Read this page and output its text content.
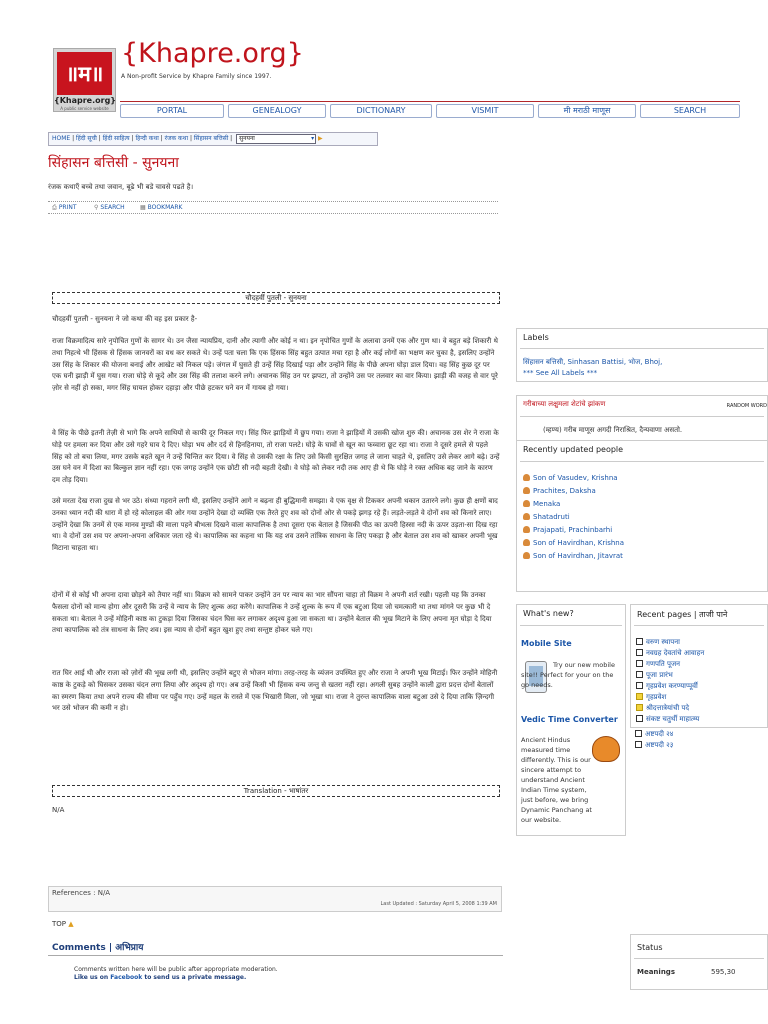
॥म॥
{Khapre.org}
A public service website
{Khapre.org}
A Non-profit Service by Khapre Family since 1997.
PORTAL	GENEALOGY	DICTIONARY	VISMIT	मी मराठी माणूस	SEARCH
HOME | हिंदी सूची | हिंदी साहित्य | हिन्दी कथा | रंजक कथा | सिंहासन बत्तिसी | सुनयना ▾	▶
सिंहासन बत्तिसी - सुनयना
रंजक कथाएँ बच्चे तथा जवान, बूढे भी बडे चावसे पढते है।
⎙ PRINT	⚲ SEARCH	▦ BOOKMARK
चौदहवीं पुतली - सुनयना
चौदहवीं पुतली - सुनयना ने जो कथा की वह इस प्रकार है-
राजा विक्रमादित्य सारे नृपोचित गुणों के सागर थे। उन जैसा न्यायप्रिय, दानी और त्यागी और कोई न था। इन नृपोचित गुणों के अलावा उनमें एक और गुण था। वे बहुत बड़े शिकारी थे तथा निहत्थे भी हिंसक से हिंसक जानवरों का वध कर सकते थे। उन्हें पता चला कि एक हिंसक सिंह बहुत उत्पात मचा रहा है और कई लोगों का भक्षण कर चुका है, इसलिए उन्होंने उस सिंह के शिकार की योजना बनाई और आखेट को निकल पड़े। जंगल में घुसते ही उन्हें सिंह दिखाई पड़ा और उन्होंने सिंह के पीछे अपना घोड़ा डाल दिया। वह सिंह कुछ दूर पर एक घनी झाड़ी में घुस गया। राजा घोड़े से कूदे और उस सिंह की तलाश करने लगे। अचानक सिंह उन पर झपटा, तो उन्होंने उस पर तलवार का वार किया। झाड़ी की वजह से वार पूरे ज़ोर से नहीं हो सका, मगर सिंह घायल होकर दहाड़ा और पीछे हटकर घने वन में गायब हो गया।
वे सिंह के पीछे इतनी तेज़ी से भागे कि अपने साथियों से काफी दूर निकल गए। सिंह फिर झाड़ियों में छुप गया। राजा ने झाड़ियों में उसकी खोज शुरु की। अचानक उस शेर ने राजा के घोड़े पर हमला कर दिया और उसे गहरे घाव दे दिए। घोड़ा भय और दर्द से हिनहिनाया, तो राजा पलटे। घोड़े के घावों से खून का फव्वारा छूट रहा था। राजा ने दूसरे हमले से पहले सिंह को तो बचा लिया, मगर उसके बहते खून ने उन्हें चिन्तित कर दिया। वे सिंह से उसकी रक्षा के लिए उसे किसी सुरक्षित जगह ले जाना चाहते थे, इसलिए उसे लेकर आगे बढ़े। उन्हें उस घने वन में दिशा का बिल्कुल ज्ञान नहीं रहा। एक जगह उन्होंने एक छोटी सी नदी बहती देखी। वे घोड़े को लेकर नदी तक आए ही थे कि घोड़े ने रक्त अधिक बह जाने के कारण दम तोड़ दिया।
उसे मरता देख राजा दुख से भर उठे। संध्या गहराने लगी थी, इसलिए उन्होंने आगे न बढ़ना ही बुद्धिमानी समझा। वे एक वृक्ष से टिककर अपनी थकान उतारने लगे। कुछ ही क्षणों बाद उनका ध्यान नदी की धारा में हो रहे कोलाहल की ओर गया उन्होंने देखा दो व्यक्ति एक तैरते हुए शव को दोनों ओर से पकड़े झगड़ रहे हैं। लड़ते-लड़ते वे दोनों शव को किनारे लाए। उन्होंने देखा कि उनमें से एक मानव मुण्डों की माला पहने बीभत्स दिखने वाला कापालिक है तथा दूसरा एक बेताल है जिसकी पीठ का ऊपरी हिस्सा नदी के ऊपर उड़ता-सा दिख रहा था। वे दोनों उस शव पर अपना-अपना अधिकार जता रहे थे। कापालिक का कहना था कि यह शव उसने तांत्रिक साधना के लिए पकड़ा है और बेताल उस शव को खाकर अपनी भूख मिटाना चाहता था।
दोनों में से कोई भी अपना दावा छोड़ने को तैयार नहीं था। विक्रम को सामने पाकर उन्होंने उन पर न्याय का भार सौंपना चाहा तो विक्रम ने अपनी शर्त रखी। पहली यह कि उनका फैसला दोनों को मान्य होगा और दूसरी कि उन्हें वे न्याय के लिए शुल्क अदा करेंगे। कापालिक ने उन्हें शुल्क के रूप में एक बटुआ दिया जो चमत्कारी था तथा मांगने पर कुछ भी दे सकता था। बेताल ने उन्हें मोहिनी काष्ठ का टुकड़ा दिया जिसका चंदन घिस कर लगाकर अदृश्य हुआ जा सकता था। उन्होंने बेताल की भूख मिटाने के लिए अपना मृत घोड़ा दे दिया तथा कापालिक को तंत्र साधना के लिए शव। इस न्याय से दोनों बहुत खुश हुए तथा सन्तुष्ट होकर चले गए।
रात घिर आई थी और राजा को ज़ोरों की भूख लगी थी, इसलिए उन्होंने बटुए से भोजन मांगा। तरह-तरह के व्यंजन उपस्थित हुए और राजा ने अपनी भूख मिटाई। फिर उन्होंने मोहिनी काष्ठ के टुकड़े को घिसकर उसका चंदन लगा लिया और अदृश्य हो गए। अब उन्हें किसी भी हिंसक वन्य जन्तु से खतरा नहीं रहा। अगली सुबह उन्होंने काली द्वारा प्रदत्त दोनों बेतालों का स्मरण किया तथा अपने राज्य की सीमा पर पहुँच गए। उन्हें महल के रास्ते में एक भिखारी मिला, जो भूखा था। राजा ने तुरन्त कापालिक वाला बटुआ उसे दे दिया ताकि ज़िन्दगी भर उसे भोजन की कमी न हो।
Translation - भाषांतर
N/A
References : N/A
Last Updated : Saturday April 5, 2008 1:39 AM
TOP ▲
Comments | अभिप्राय
Comments written here will be public after appropriate moderation.
Like us on Facebook to send us a private message.
Labels
सिंहासन बत्तिसी, Sinhasan Battisi, भोज, Bhoj,
*** See All Labels ***
गरीबाच्या लक्षुमला शेटांचे झांकण	RANDOM WORD
(म्हण्य) गरीब माणूस अगदी निराश्रित, दैन्यवाणा असतो.
Recently updated people
Son of Vasudev, Krishna
Prachites, Daksha
Menaka
Shatadruti
Prajapati, Prachinbarhi
Son of Havirdhan, Krishna
Son of Havirdhan, Jitavrat
What's new?
Mobile Site
Try our new mobile site!! Perfect for your on the go needs.
Vedic Time Converter
Ancient Hindus measured time differently. This is our sincere attempt to understand Ancient Indian Time system, just before, we bring Dynamic Panchang at our website.
Recent pages | ताजी पाने
वरुण स्थापना
नवग्रह देवतांचे आवाहन
गणपति पूजन
पूजा प्रारंभ
गृहप्रवेश करण्याप्पूर्वी
गृहप्रवेश
श्रीदत्तात्रेयांची पदे
संकष्ट चतुर्थी माहात्म्य
अष्टपदी २४
अष्टपदी २३
Status
Meanings	595,30
